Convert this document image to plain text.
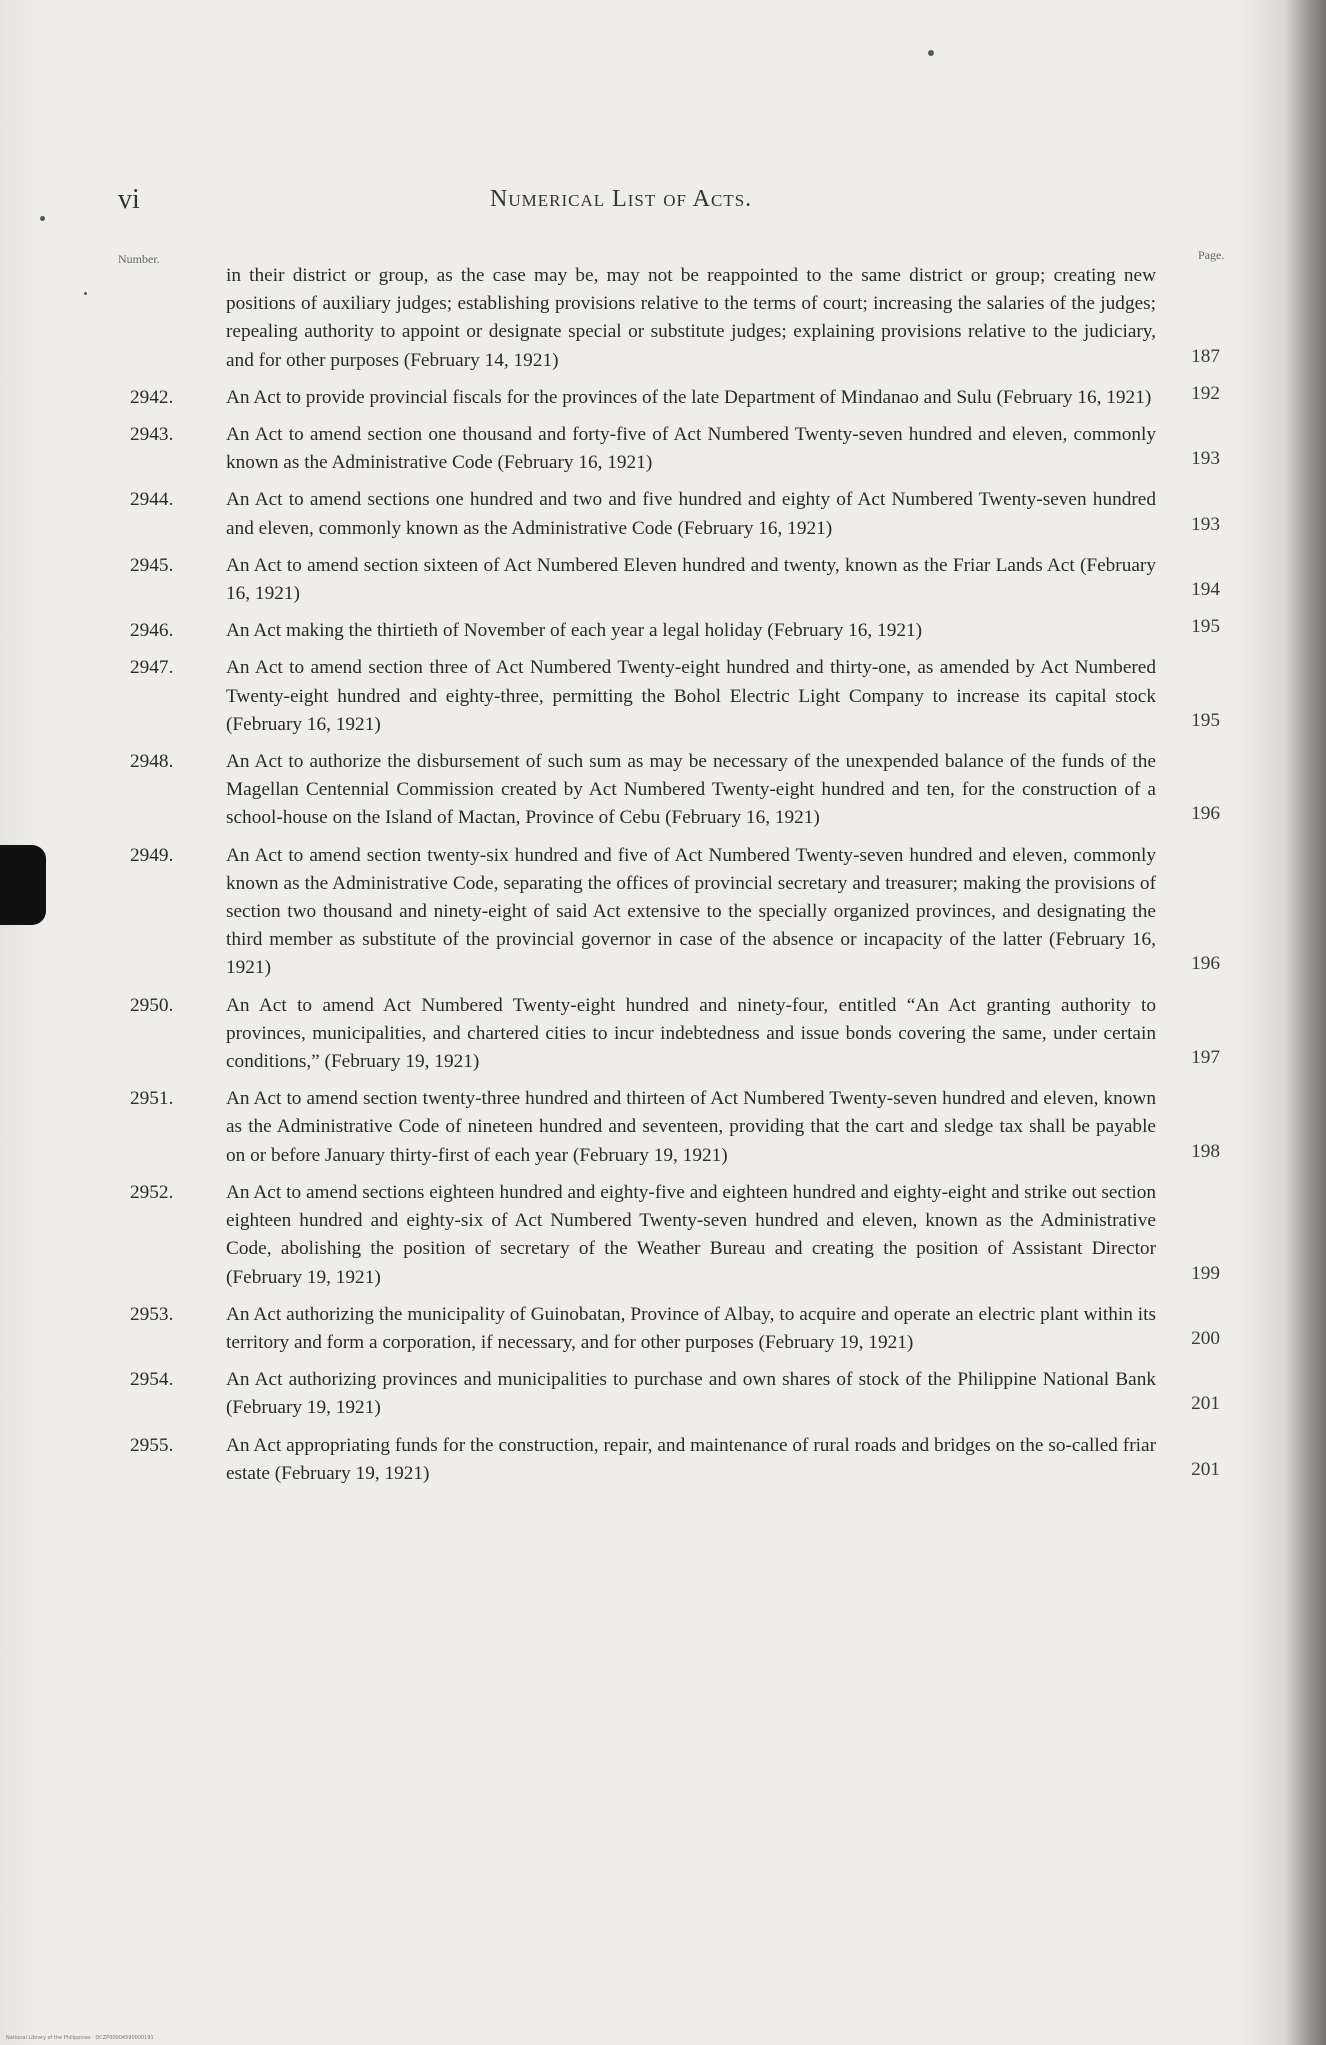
vi	Numerical List of Acts.
Number.	Page.
in their district or group, as the case may be, may not be reappointed to the same district or group; creating new positions of auxiliary judges; establishing provisions relative to the terms of court; increasing the salaries of the judges; repealing authority to appoint or designate special or substitute judges; explaining provisions relative to the judiciary, and for other purposes (February 14, 1921)	187
2942.	An Act to provide provincial fiscals for the provinces of the late Department of Mindanao and Sulu (February 16, 1921)	192
2943.	An Act to amend section one thousand and forty-five of Act Numbered Twenty-seven hundred and eleven, commonly known as the Administrative Code (February 16, 1921)	193
2944.	An Act to amend sections one hundred and two and five hundred and eighty of Act Numbered Twenty-seven hundred and eleven, commonly known as the Administrative Code (February 16, 1921)	193
2945.	An Act to amend section sixteen of Act Numbered Eleven hundred and twenty, known as the Friar Lands Act (February 16, 1921)	194
2946.	An Act making the thirtieth of November of each year a legal holiday (February 16, 1921)	195
2947.	An Act to amend section three of Act Numbered Twenty-eight hundred and thirty-one, as amended by Act Numbered Twenty-eight hundred and eighty-three, permitting the Bohol Electric Light Company to increase its capital stock (February 16, 1921)	195
2948.	An Act to authorize the disbursement of such sum as may be necessary of the unexpended balance of the funds of the Magellan Centennial Commission created by Act Numbered Twenty-eight hundred and ten, for the construction of a school-house on the Island of Mactan, Province of Cebu (February 16, 1921)	196
2949.	An Act to amend section twenty-six hundred and five of Act Numbered Twenty-seven hundred and eleven, commonly known as the Administrative Code, separating the offices of provincial secretary and treasurer; making the provisions of section two thousand and ninety-eight of said Act extensive to the specially organized provinces, and designating the third member as substitute of the provincial governor in case of the absence or incapacity of the latter (February 16, 1921)	196
2950.	An Act to amend Act Numbered Twenty-eight hundred and ninety-four, entitled “An Act granting authority to provinces, municipalities, and chartered cities to incur indebtedness and issue bonds covering the same, under certain conditions,” (February 19, 1921)	197
2951.	An Act to amend section twenty-three hundred and thirteen of Act Numbered Twenty-seven hundred and eleven, known as the Administrative Code of nineteen hundred and seventeen, providing that the cart and sledge tax shall be payable on or before January thirty-first of each year (February 19, 1921)	198
2952.	An Act to amend sections eighteen hundred and eighty-five and eighteen hundred and eighty-eight and strike out section eighteen hundred and eighty-six of Act Numbered Twenty-seven hundred and eleven, known as the Administrative Code, abolishing the position of secretary of the Weather Bureau and creating the position of Assistant Director (February 19, 1921)	199
2953.	An Act authorizing the municipality of Guinobatan, Province of Albay, to acquire and operate an electric plant within its territory and form a corporation, if necessary, and for other purposes (February 19, 1921)	200
2954.	An Act authorizing provinces and municipalities to purchase and own shares of stock of the Philippine National Bank (February 19, 1921)	201
2955.	An Act appropriating funds for the construction, repair, and maintenance of rural roads and bridges on the so-called friar estate (February 19, 1921)	201
National Library of the Philippines · DCZP00004590000191
